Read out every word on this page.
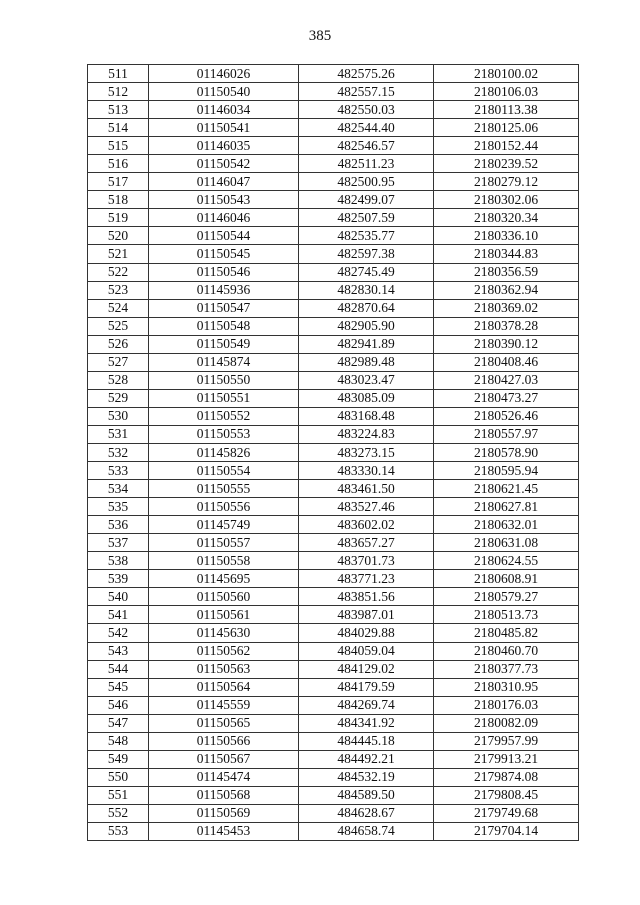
385
511	01146026	482575.26	2180100.02
512	01150540	482557.15	2180106.03
513	01146034	482550.03	2180113.38
514	01150541	482544.40	2180125.06
515	01146035	482546.57	2180152.44
516	01150542	482511.23	2180239.52
517	01146047	482500.95	2180279.12
518	01150543	482499.07	2180302.06
519	01146046	482507.59	2180320.34
520	01150544	482535.77	2180336.10
521	01150545	482597.38	2180344.83
522	01150546	482745.49	2180356.59
523	01145936	482830.14	2180362.94
524	01150547	482870.64	2180369.02
525	01150548	482905.90	2180378.28
526	01150549	482941.89	2180390.12
527	01145874	482989.48	2180408.46
528	01150550	483023.47	2180427.03
529	01150551	483085.09	2180473.27
530	01150552	483168.48	2180526.46
531	01150553	483224.83	2180557.97
532	01145826	483273.15	2180578.90
533	01150554	483330.14	2180595.94
534	01150555	483461.50	2180621.45
535	01150556	483527.46	2180627.81
536	01145749	483602.02	2180632.01
537	01150557	483657.27	2180631.08
538	01150558	483701.73	2180624.55
539	01145695	483771.23	2180608.91
540	01150560	483851.56	2180579.27
541	01150561	483987.01	2180513.73
542	01145630	484029.88	2180485.82
543	01150562	484059.04	2180460.70
544	01150563	484129.02	2180377.73
545	01150564	484179.59	2180310.95
546	01145559	484269.74	2180176.03
547	01150565	484341.92	2180082.09
548	01150566	484445.18	2179957.99
549	01150567	484492.21	2179913.21
550	01145474	484532.19	2179874.08
551	01150568	484589.50	2179808.45
552	01150569	484628.67	2179749.68
553	01145453	484658.74	2179704.14
